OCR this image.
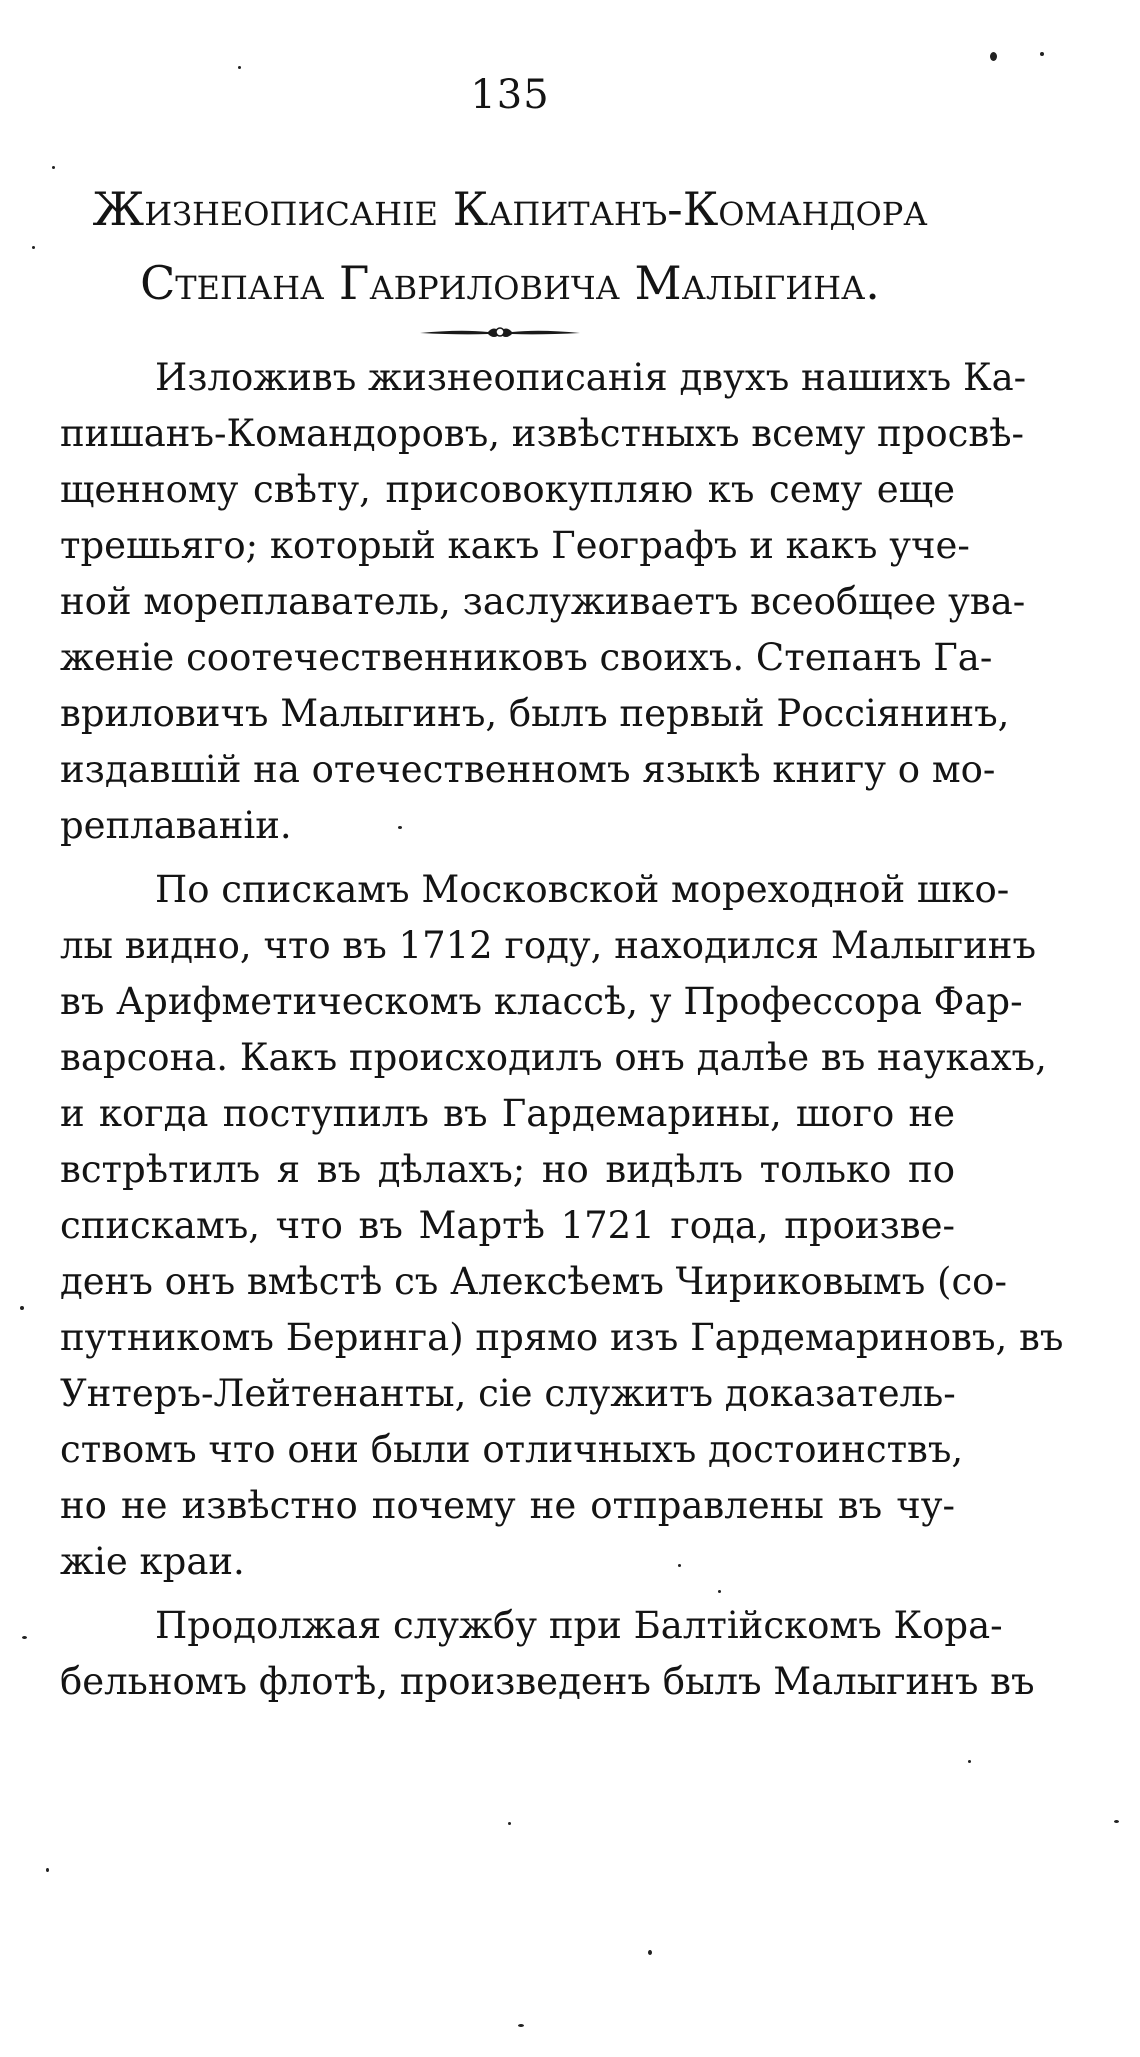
135
Жизнеописаніе Капитанъ-Командора
Степана Гавриловича Малыгина.
Изложивъ жизнеописанія двухъ нашихъ Ка-
пишанъ-Командоровъ, извѣстныхъ всему просвѣ-
щенному свѣту, присовокупляю къ сему еще
трешьяго; который какъ Географъ и какъ уче-
ной мореплаватель, заслуживаетъ всеобщее ува-
женіе соотечественниковъ своихъ. Степанъ Га-
вриловичъ Малыгинъ, былъ первый Россіянинъ,
издавшій на отечественномъ языкѣ книгу о мо-
реплаваніи.
По спискамъ Московской мореходной шко-
лы видно, что въ 1712 году, находился Малыгинъ
въ Арифметическомъ классѣ, у Профессора Фар-
варсона. Какъ происходилъ онъ далѣе въ наукахъ,
и когда поступилъ въ Гардемарины, шого не
встрѣтилъ я въ дѣлахъ; но видѣлъ только по
спискамъ, что въ Мартѣ 1721 года, произве-
денъ онъ вмѣстѣ съ Алексѣемъ Чириковымъ (со-
путникомъ Беринга) прямо изъ Гардемариновъ, въ
Унтеръ-Лейтенанты, сіе служитъ доказатель-
ствомъ что они были отличныхъ достоинствъ,
но не извѣстно почему не отправлены въ чу-
жіе краи.
Продолжая службу при Балтійскомъ Кора-
бельномъ флотѣ, произведенъ былъ Малыгинъ въ
